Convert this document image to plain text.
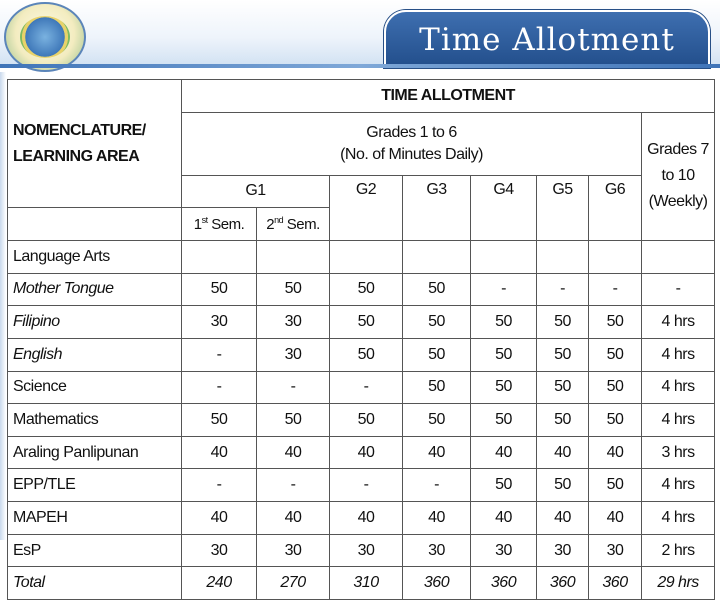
Time Allotment
NOMENCLATURE/
LEARNING AREA	TIME ALLOTMENT							
	Grades 1 to 6
(No. of Minutes Daily)							Grades 7
to 10
(Weekly)
	G1		G2	G3	G4	G5	G6	
	1st Sem.	2nd Sem.						
Language Arts								
Mother Tongue	50	50	50	50	-	-	-	-
Filipino	30	30	50	50	50	50	50	4 hrs
English	-	30	50	50	50	50	50	4 hrs
Science	-	-	-	50	50	50	50	4 hrs
Mathematics	50	50	50	50	50	50	50	4 hrs
Araling Panlipunan	40	40	40	40	40	40	40	3 hrs
EPP/TLE	-	-	-	-	50	50	50	4 hrs
MAPEH	40	40	40	40	40	40	40	4 hrs
EsP	30	30	30	30	30	30	30	2 hrs
Total	240	270	310	360	360	360	360	29 hrs
